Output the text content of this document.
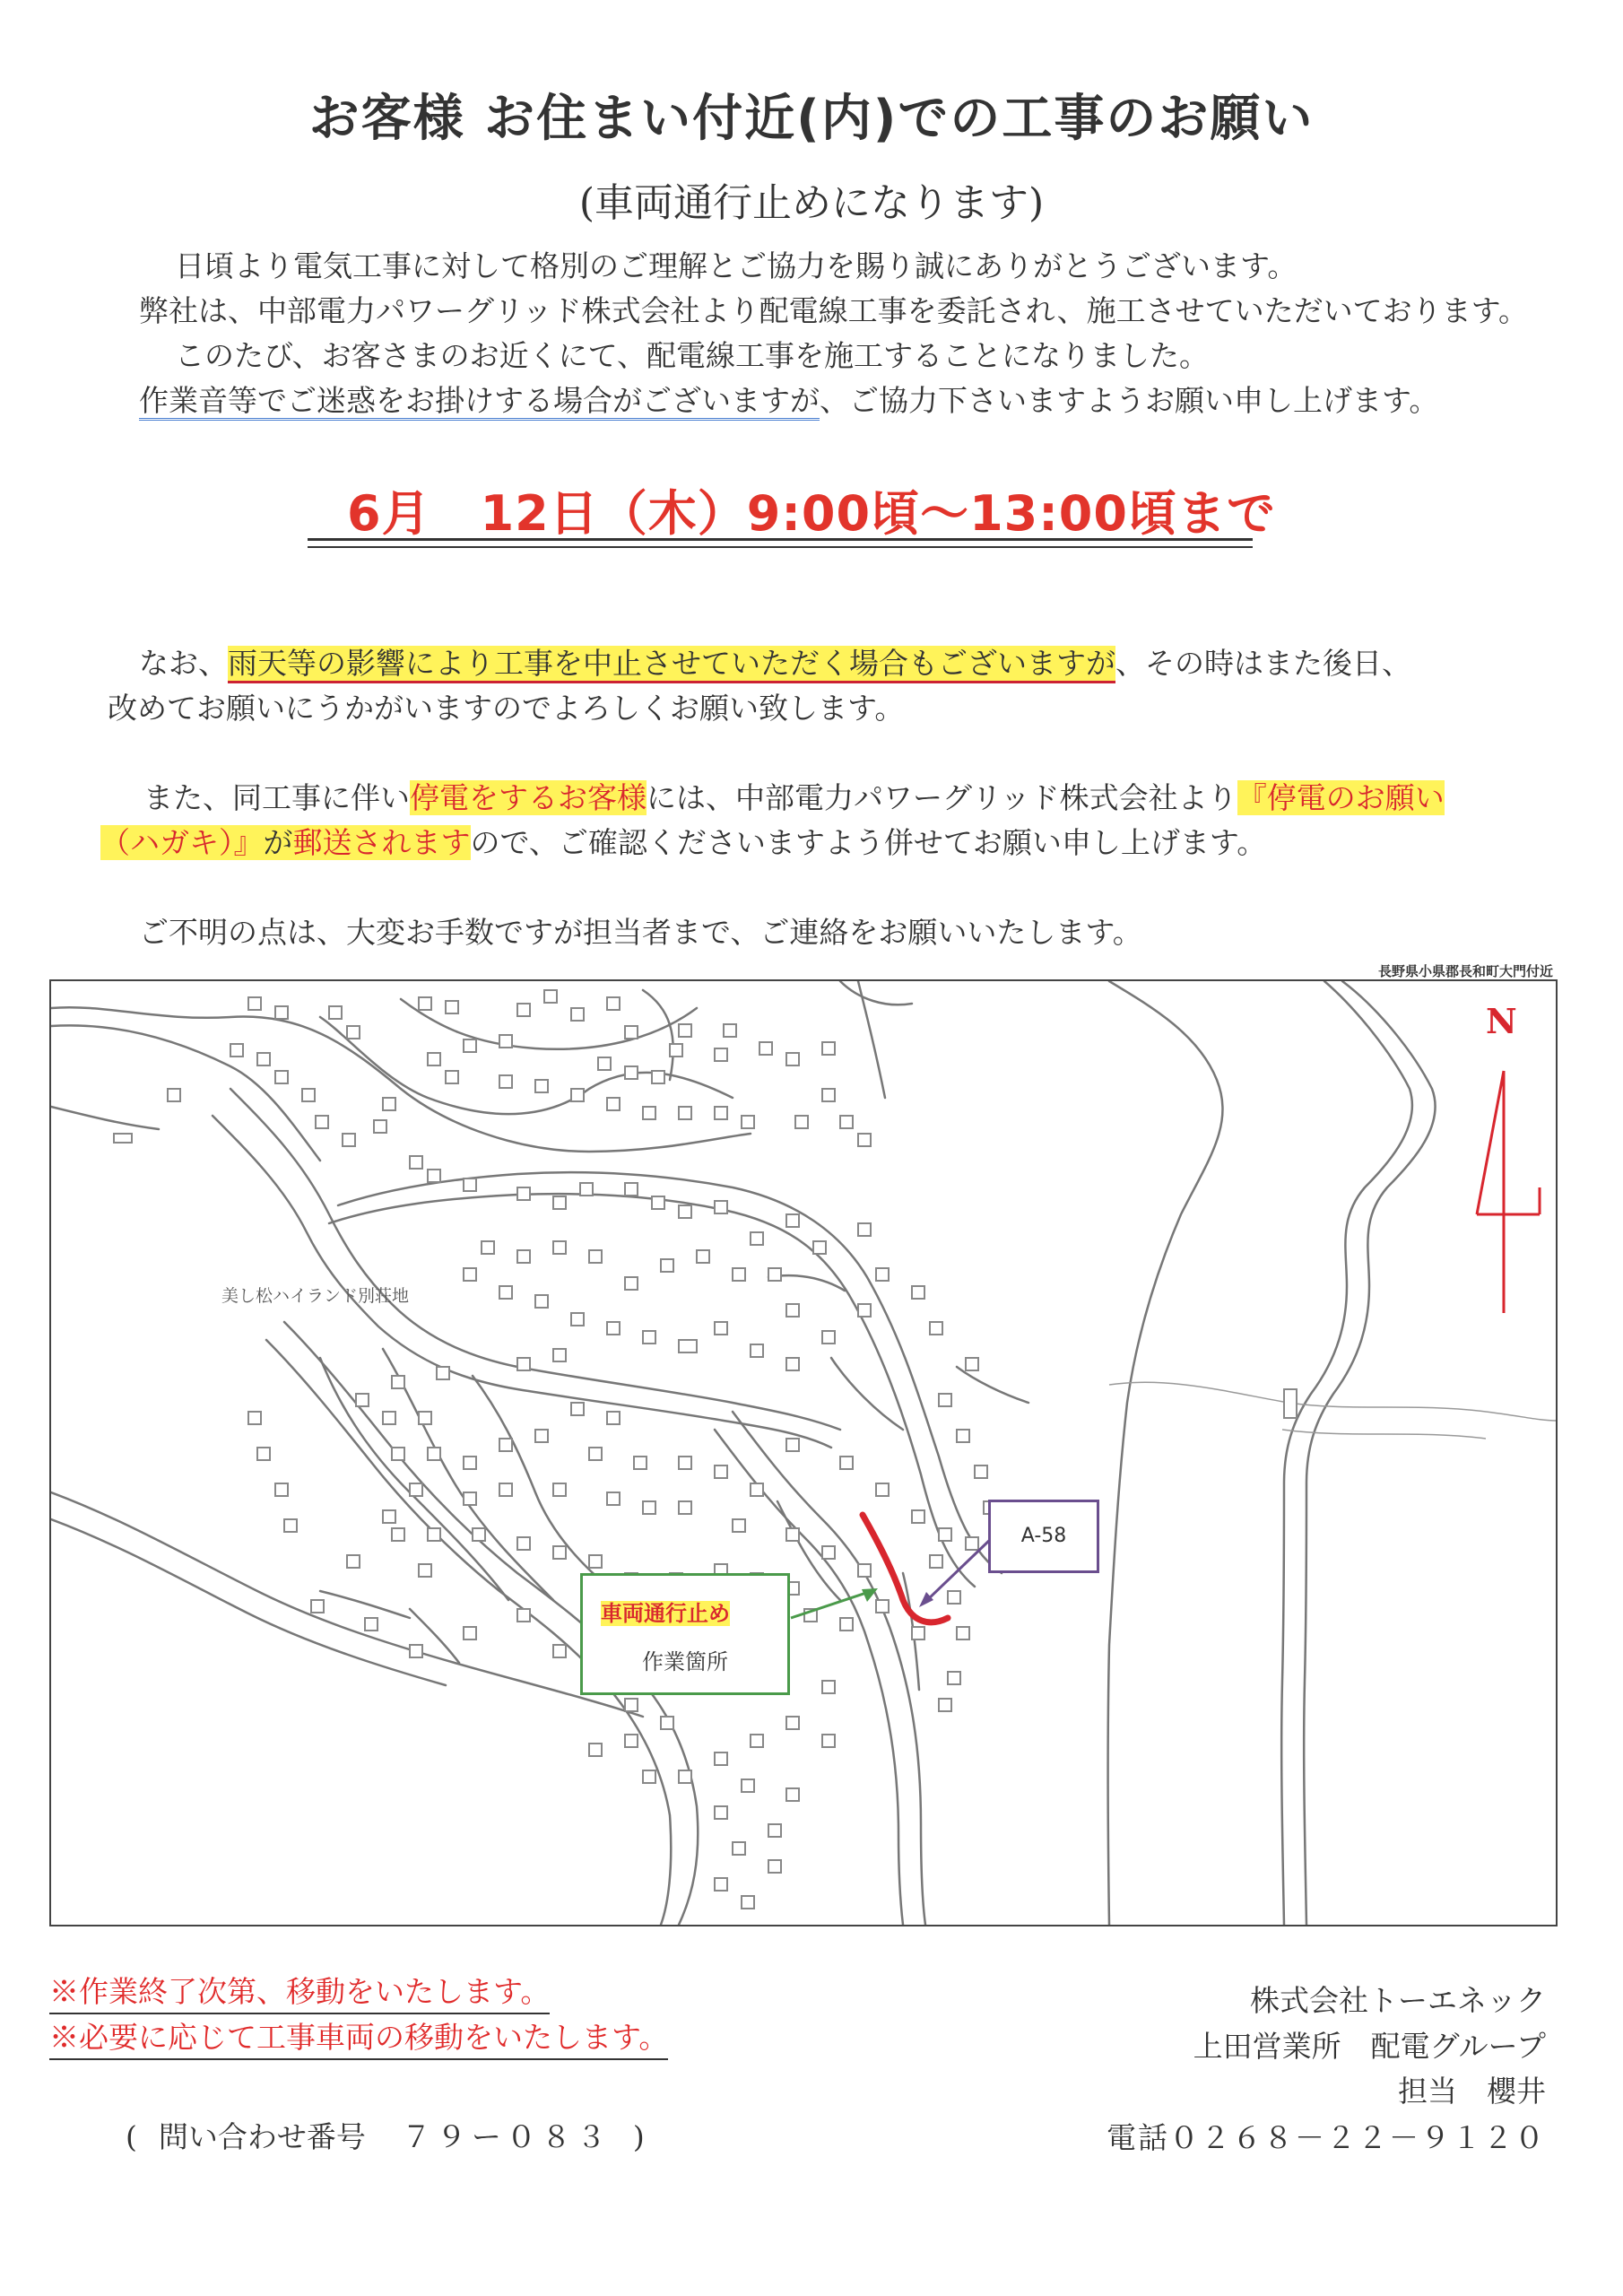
お客様 お住まい付近(内)での工事のお願い
(車両通行止めになります)
日頃より電気工事に対して格別のご理解とご協力を賜り誠にありがとうございます。
弊社は、中部電力パワーグリッド株式会社より配電線工事を委託され、施工させていただいております。
このたび、お客さまのお近くにて、配電線工事を施工することになりました。
作業音等でご迷惑をお掛けする場合がございますが、ご協力下さいますようお願い申し上げます。
6月　12日（木）9:00頃～13:00頃まで
なお、雨天等の影響により工事を中止させていただく場合もございますが、その時はまた後日、
改めてお願いにうかがいますのでよろしくお願い致します。
また、同工事に伴い停電をするお客様には、中部電力パワーグリッド株式会社より『停電のお願い
（ハガキ）』が郵送されますので、ご確認くださいますよう併せてお願い申し上げます。
ご不明の点は、大変お手数ですが担当者まで、ご連絡をお願いいたします。
長野県小県郡長和町大門付近
美し松ハイランド別荘地
N
A-58
車両通行止め
作業箇所
※作業終了次第、移動をいたします。
※必要に応じて工事車両の移動をいたします。
( 問い合わせ番号 ７９ー０８３ )
株式会社トーエネック
上田営業所　配電グループ
担当　櫻井
電話０２６８－２２－９１２０
